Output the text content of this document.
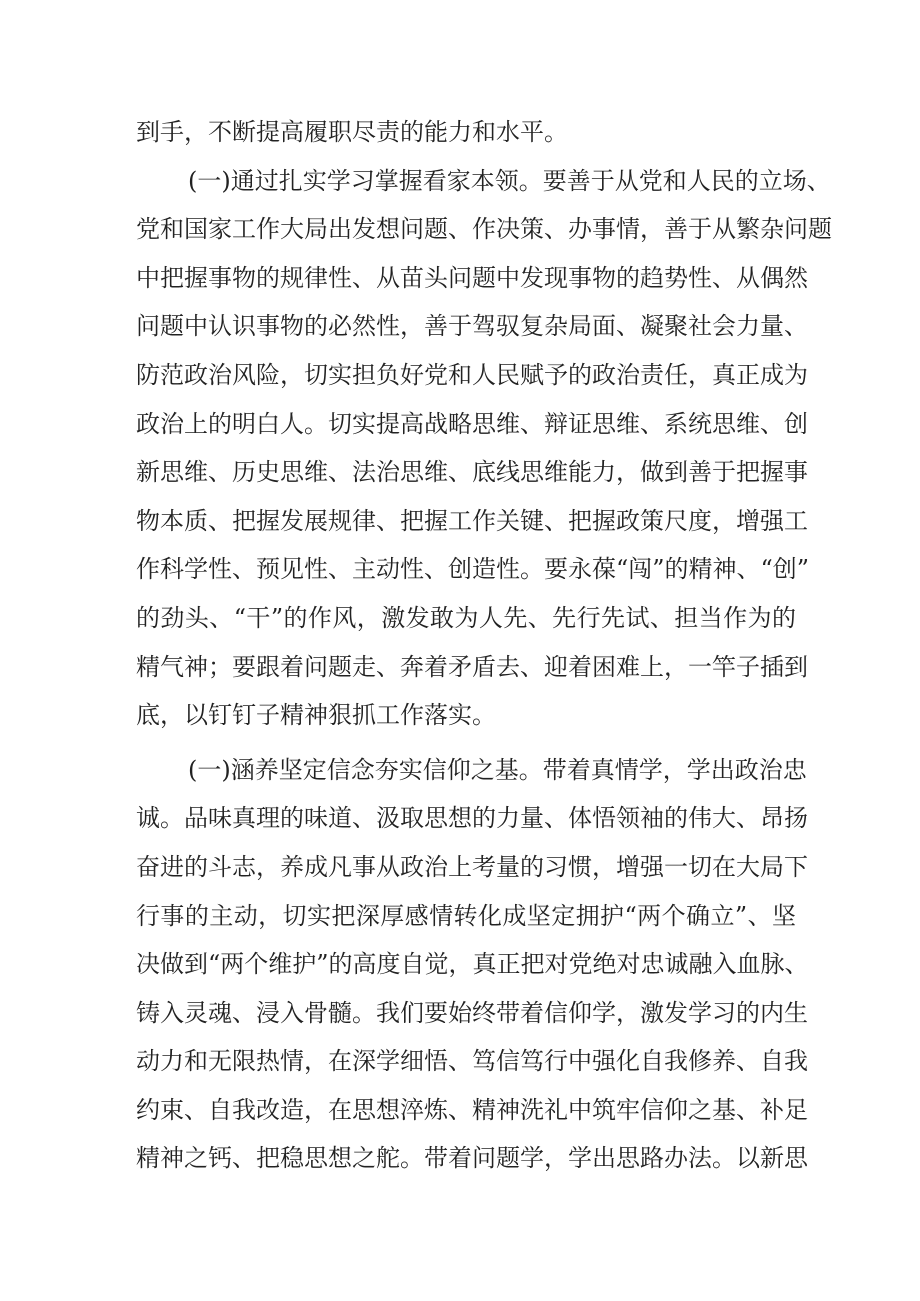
到手，不断提高履职尽责的能力和水平。
(一)通过扎实学习掌握看家本领。要善于从党和人民的立场、
党和国家工作大局出发想问题、作决策、办事情，善于从繁杂问题
中把握事物的规律性、从苗头问题中发现事物的趋势性、从偶然
问题中认识事物的必然性，善于驾驭复杂局面、凝聚社会力量、
防范政治风险，切实担负好党和人民赋予的政治责任，真正成为
政治上的明白人。切实提高战略思维、辩证思维、系统思维、创
新思维、历史思维、法治思维、底线思维能力，做到善于把握事
物本质、把握发展规律、把握工作关键、把握政策尺度，增强工
作科学性、预见性、主动性、创造性。要永葆“闯”的精神、“创”
的劲头、“干”的作风，激发敢为人先、先行先试、担当作为的
精气神；要跟着问题走、奔着矛盾去、迎着困难上，一竿子插到
底，以钉钉子精神狠抓工作落实。
(一)涵养坚定信念夯实信仰之基。带着真情学，学出政治忠
诚。品味真理的味道、汲取思想的力量、体悟领袖的伟大、昂扬
奋进的斗志，养成凡事从政治上考量的习惯，增强一切在大局下
行事的主动，切实把深厚感情转化成坚定拥护“两个确立”、坚
决做到“两个维护”的高度自觉，真正把对党绝对忠诚融入血脉、
铸入灵魂、浸入骨髓。我们要始终带着信仰学，激发学习的内生
动力和无限热情，在深学细悟、笃信笃行中强化自我修养、自我
约束、自我改造，在思想淬炼、精神洗礼中筑牢信仰之基、补足
精神之钙、把稳思想之舵。带着问题学，学出思路办法。以新思
